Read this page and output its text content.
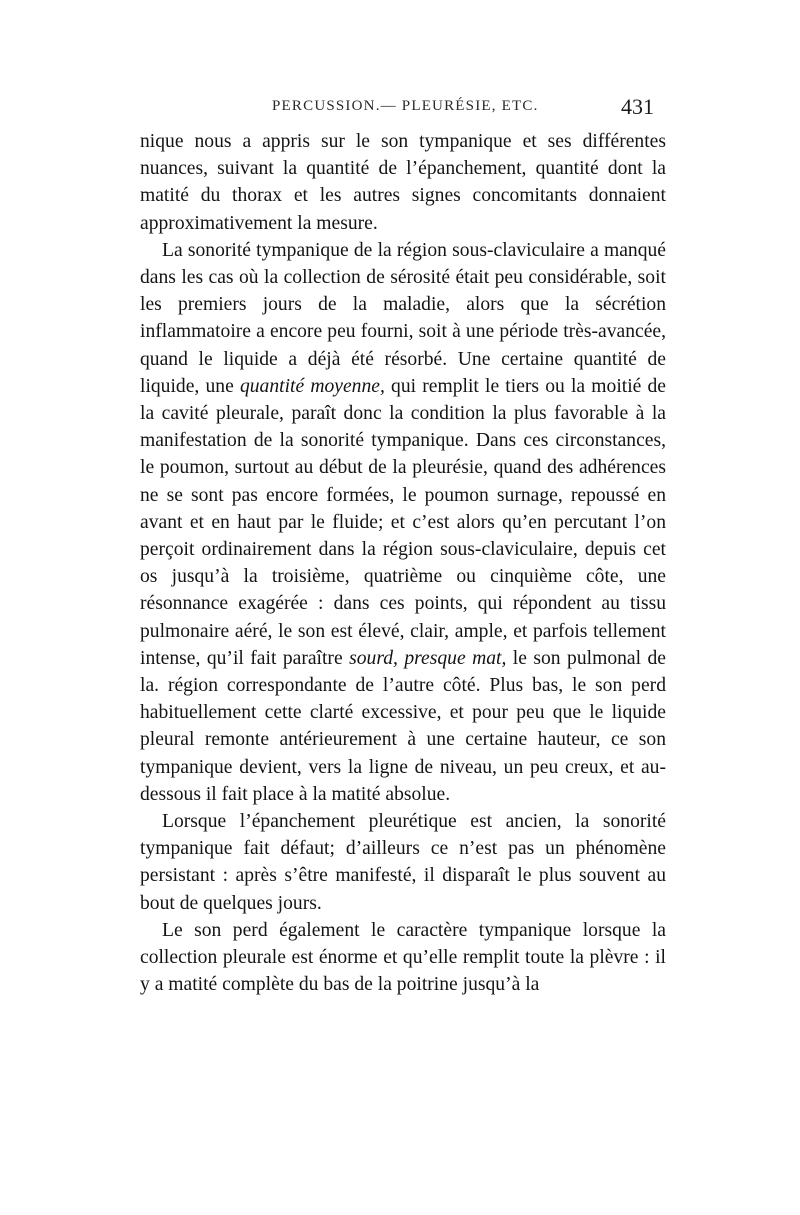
PERCUSSION.— PLEURÉSIE, ETC.	431

nique nous a appris sur le son tympanique et ses différentes nuances, suivant la quantité de l’épanchement, quantité dont la matité du thorax et les autres signes concomitants donnaient approximativement la mesure.

La sonorité tympanique de la région sous-claviculaire a manqué dans les cas où la collection de sérosité était peu considérable, soit les premiers jours de la maladie, alors que la sécrétion inflammatoire a encore peu fourni, soit à une période très-avancée, quand le liquide a déjà été résorbé. Une certaine quantité de liquide, une quantité moyenne, qui remplit le tiers ou la moitié de la cavité pleurale, paraît donc la condition la plus favorable à la manifestation de la sonorité tympanique. Dans ces circonstances, le poumon, surtout au début de la pleurésie, quand des adhérences ne se sont pas encore formées, le poumon surnage, repoussé en avant et en haut par le fluide; et c’est alors qu’en percutant l’on perçoit ordinairement dans la région sous-claviculaire, depuis cet os jusqu’à la troisième, quatrième ou cinquième côte, une résonnance exagérée : dans ces points, qui répondent au tissu pulmonaire aéré, le son est élevé, clair, ample, et parfois tellement intense, qu’il fait paraître sourd, presque mat, le son pulmonal de la. région correspondante de l’autre côté. Plus bas, le son perd habituellement cette clarté excessive, et pour peu que le liquide pleural remonte antérieurement à une certaine hauteur, ce son tympanique devient, vers la ligne de niveau, un peu creux, et au-dessous il fait place à la matité absolue.

Lorsque l’épanchement pleurétique est ancien, la sonorité tympanique fait défaut; d’ailleurs ce n’est pas un phénomène persistant : après s’être manifesté, il disparaît le plus souvent au bout de quelques jours.

Le son perd également le caractère tympanique lorsque la collection pleurale est énorme et qu’elle remplit toute la plèvre : il y a matité complète du bas de la poitrine jusqu’à la
